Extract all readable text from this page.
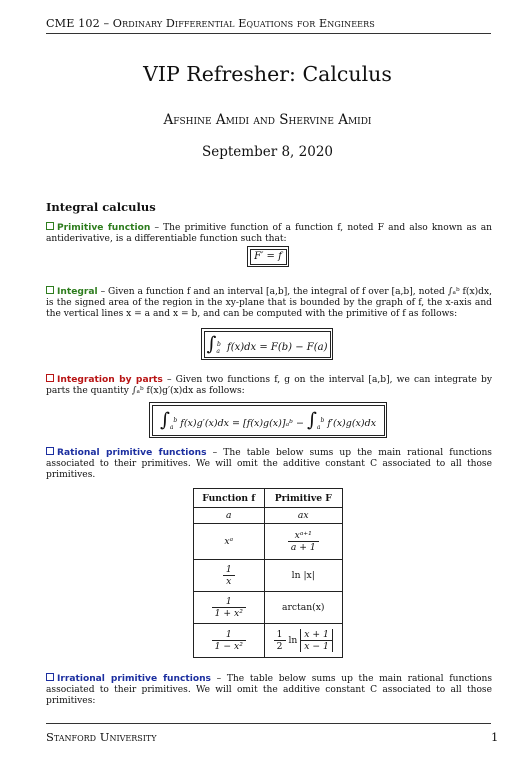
CME 102 – Ordinary Differential Equations for Engineers
VIP Refresher: Calculus
Afshine Amidi and Shervine Amidi
September 8, 2020
Integral calculus
Primitive function – The primitive function of a function f, noted F and also known as an antiderivative, is a differentiable function such that:
F′ = f
Integral – Given a function f and an interval [a,b], the integral of f over [a,b], noted ∫ₐᵇ f(x)dx, is the signed area of the region in the xy-plane that is bounded by the graph of f, the x-axis and the vertical lines x = a and x = b, and can be computed with the primitive of f as follows:
$\int_a^b$ f(x)dx = F(b) − F(a)
Integration by parts – Given two functions f, g on the interval [a,b], we can integrate by parts the quantity ∫ₐᵇ f(x)g′(x)dx as follows:
$\int_a^b$ f(x)g′(x)dx = [f(x)g(x)]ₐᵇ − $\int_a^b$ f′(x)g(x)dx
Rational primitive functions – The table below sums up the main rational functions associated to their primitives. We will omit the additive constant C associated to all those primitives.
Function f	Primitive F
a	ax
xᵃ	$\frac{\text{xᵃ⁺¹}}{a + 1}$

$\frac{1}{x}$	ln |x|

$\frac{1}{\text{1 + x²}}$	arctan(x)

$\frac{1}{\text{1 − x²}}$	$\frac{1}{2}$ $\ln \frac{x + 1}{x - 1}$
Irrational primitive functions – The table below sums up the main rational functions associated to their primitives. We will omit the additive constant C associated to all those primitives:
Stanford University	1
